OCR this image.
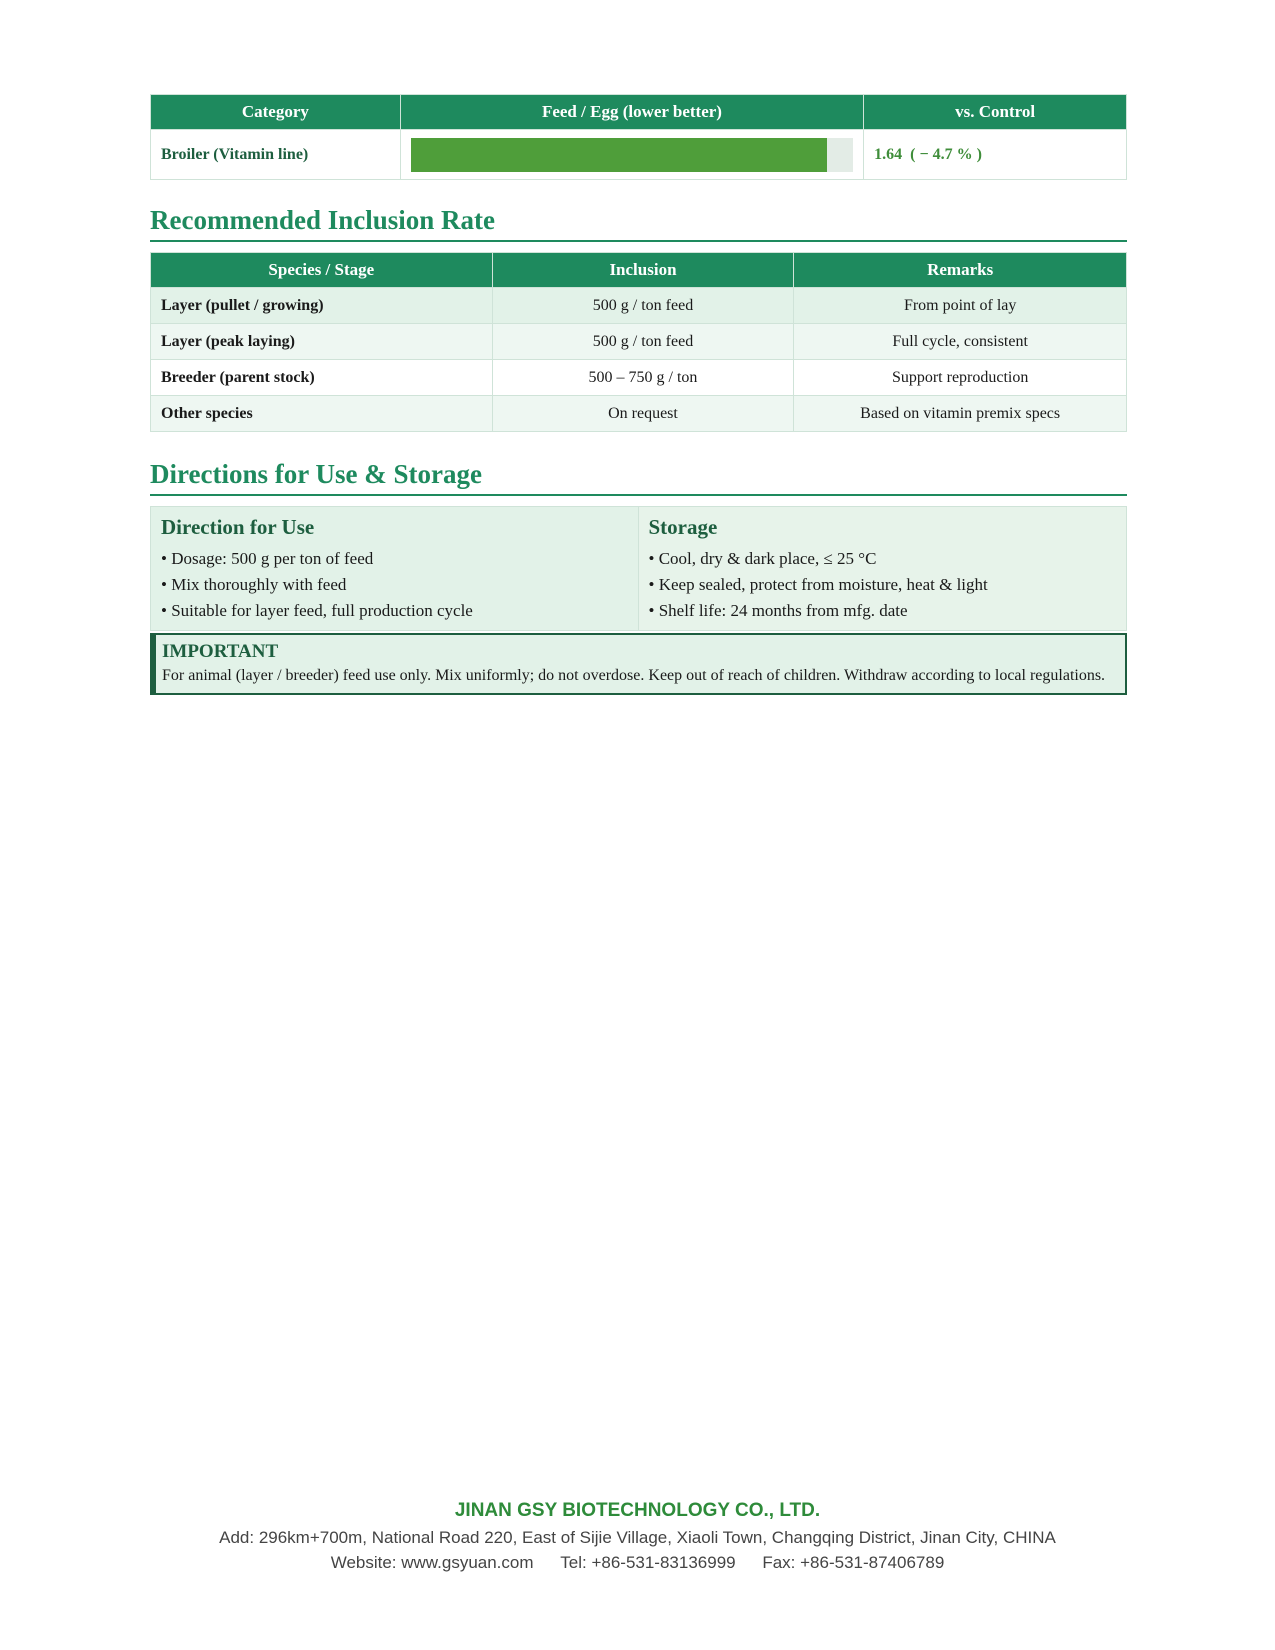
Category	Feed / Egg (lower better)	vs. Control
Broiler (Vitamin line)		1.64  ( − 4.7 % )
Recommended Inclusion Rate
Species / Stage	Inclusion	Remarks
Layer (pullet / growing)	500 g / ton feed	From point of lay
Layer (peak laying)	500 g / ton feed	Full cycle, consistent
Breeder (parent stock)	500 – 750 g / ton	Support reproduction
Other species	On request	Based on vitamin premix specs
Directions for Use & Storage
Direction for Use
• Dosage: 500 g per ton of feed
• Mix thoroughly with feed
• Suitable for layer feed, full production cycle
Storage
• Cool, dry & dark place, ≤ 25 °C
• Keep sealed, protect from moisture, heat & light
• Shelf life: 24 months from mfg. date
IMPORTANT

For animal (layer / breeder) feed use only. Mix uniformly; do not overdose. Keep out of reach of children. Withdraw according to local regulations.

JINAN GSY BIOTECHNOLOGY CO., LTD.
Add: 296km+700m, National Road 220, East of Sijie Village, Xiaoli Town, Changqing District, Jinan City, CHINA
Website: www.gsyuan.com Tel: +86-531-83136999 Fax: +86-531-87406789
